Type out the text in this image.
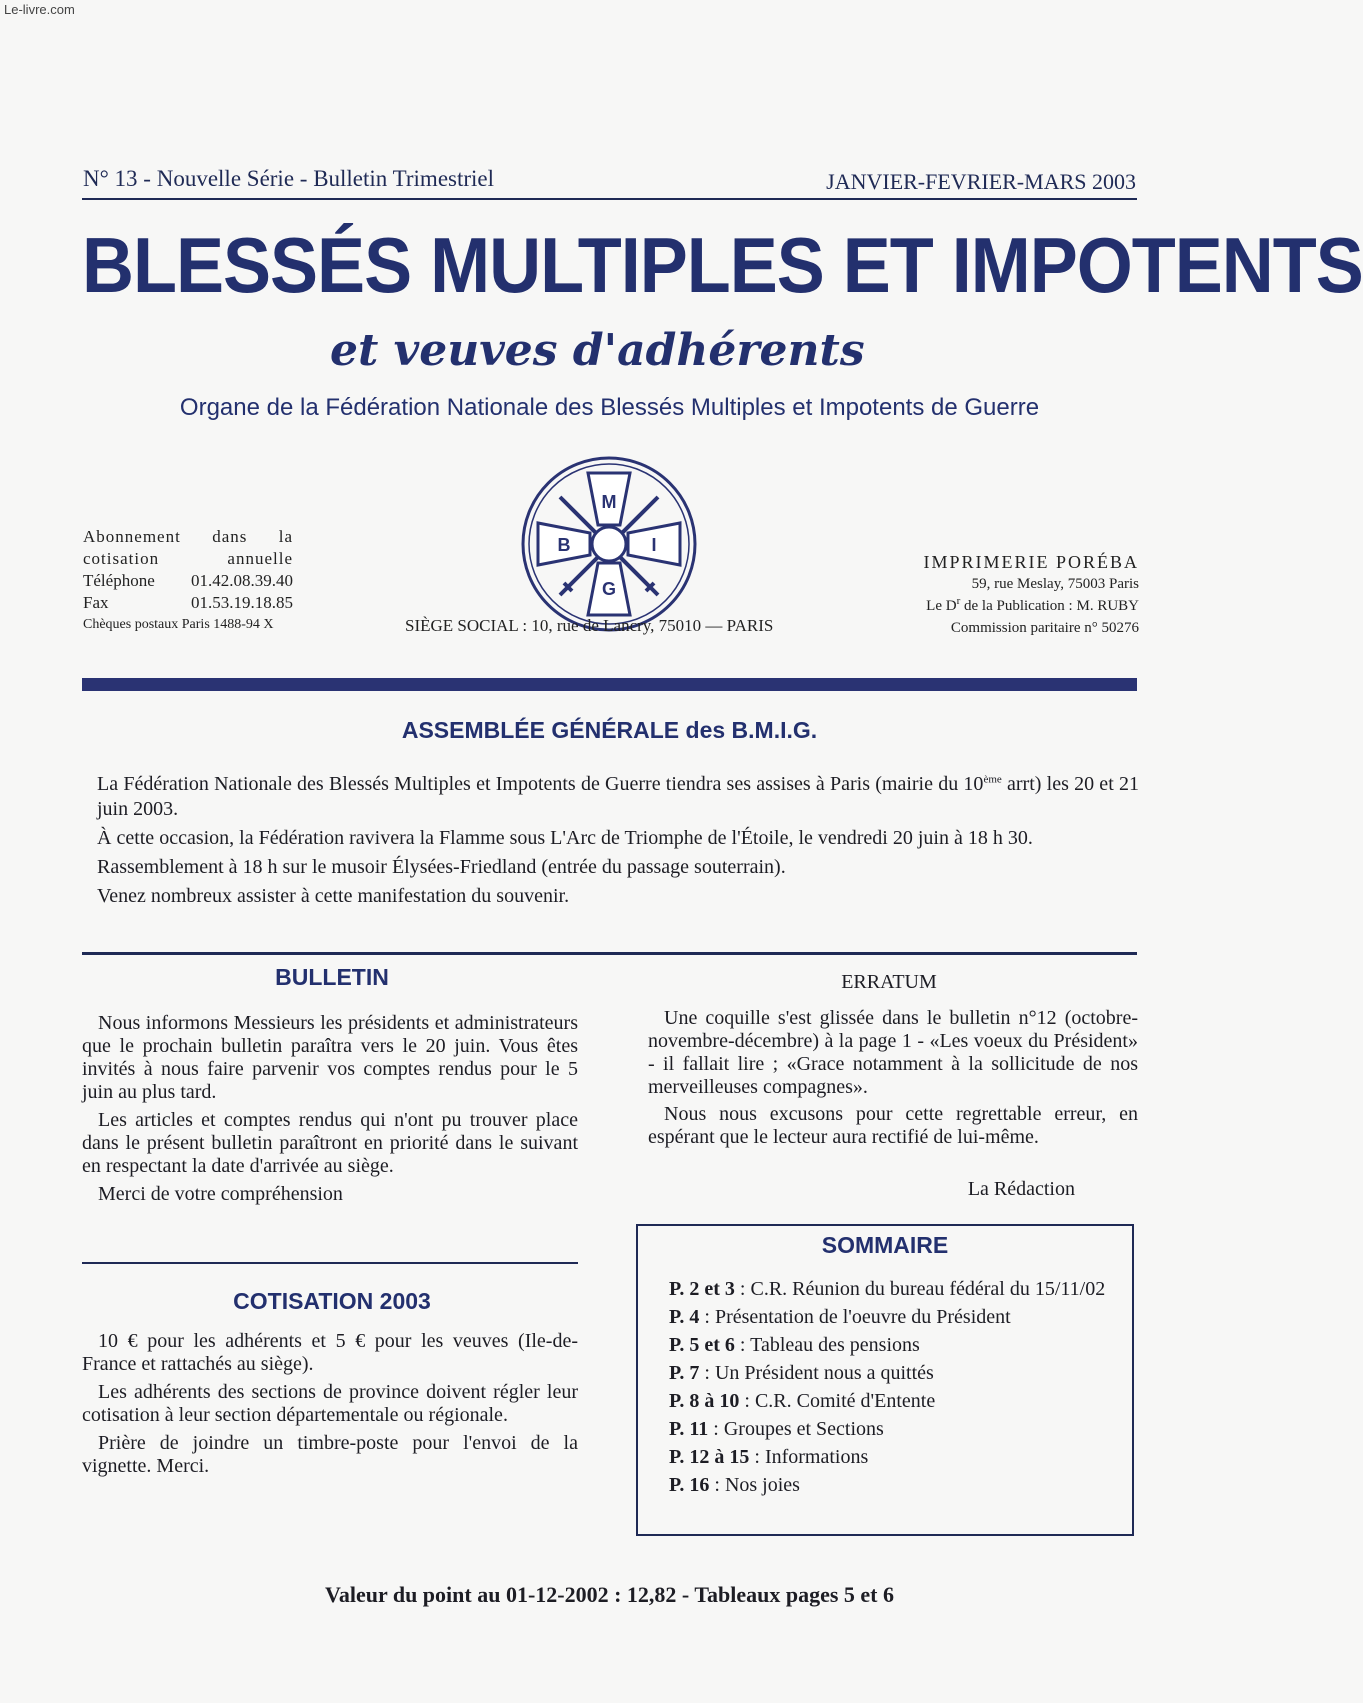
Le-livre.com
N° 13 - Nouvelle Série - Bulletin Trimestriel	JANVIER-FEVRIER-MARS 2003
BLESSÉS MULTIPLES ET IMPOTENTS
et veuves d'adhérents
Organe de la Fédération Nationale des Blessés Multiples et Impotents de Guerre
M
B	I
G
Abonnement dans la
cotisation annuelle
Téléphone 01.42.08.39.40
Fax	01.53.19.18.85
Chèques postaux Paris 1488-94 X	SIÈGE SOCIAL : 10, rue de Lancry, 75010 — PARIS
IMPRIMERIE PORÉBA
59, rue Meslay, 75003 Paris
Le $D^r$ de la Publication : M. RUBY
Commission paritaire n° 50276
ASSEMBLÉE GÉNÉRALE des B.M.I.G.

La Fédération Nationale des Blessés Multiples et Impotents de Guerre tiendra ses assises à Paris (mairie du 10ème arrt) les 20 et 21 juin 2003.

À cette occasion, la Fédération ravivera la Flamme sous L'Arc de Triomphe de l'Étoile, le vendredi 20 juin à 18 h 30.

Rassemblement à 18 h sur le musoir Élysées-Friedland (entrée du passage souterrain).

Venez nombreux assister à cette manifestation du souvenir.

BULLETIN

Nous informons Messieurs les présidents et administrateurs que le prochain bulletin paraîtra vers le 20 juin. Vous êtes invités à nous faire parvenir vos comptes rendus pour le 5 juin au plus tard.

Les articles et comptes rendus qui n'ont pu trouver place dans le présent bulletin paraîtront en priorité dans le suivant en respectant la date d'arrivée au siège.

Merci de votre compréhension

COTISATION 2003

10 € pour les adhérents et 5 € pour les veuves (Ile-de-France et rattachés au siège).

Les adhérents des sections de province doivent régler leur cotisation à leur section départementale ou régionale.

Prière de joindre un timbre-poste pour l'envoi de la vignette. Merci.

ERRATUM

Une coquille s'est glissée dans le bulletin n°12 (octobre-novembre-décembre) à la page 1 - «Les voeux du Président» - il fallait lire ; «Grace notamment à la sollicitude de nos merveilleuses compagnes».

Nous nous excusons pour cette regrettable erreur, en espérant que le lecteur aura rectifié de lui-même.

La Rédaction
SOMMAIRE
P. 2 et 3 : C.R. Réunion du bureau fédéral du 15/11/02
P. 4 : Présentation de l'oeuvre du Président
P. 5 et 6 : Tableau des pensions
P. 7 : Un Président nous a quittés
P. 8 à 10 : C.R. Comité d'Entente
P. 11 : Groupes et Sections
P. 12 à 15 : Informations
P. 16 : Nos joies
Valeur du point au 01-12-2002 : 12,82 - Tableaux pages 5 et 6
